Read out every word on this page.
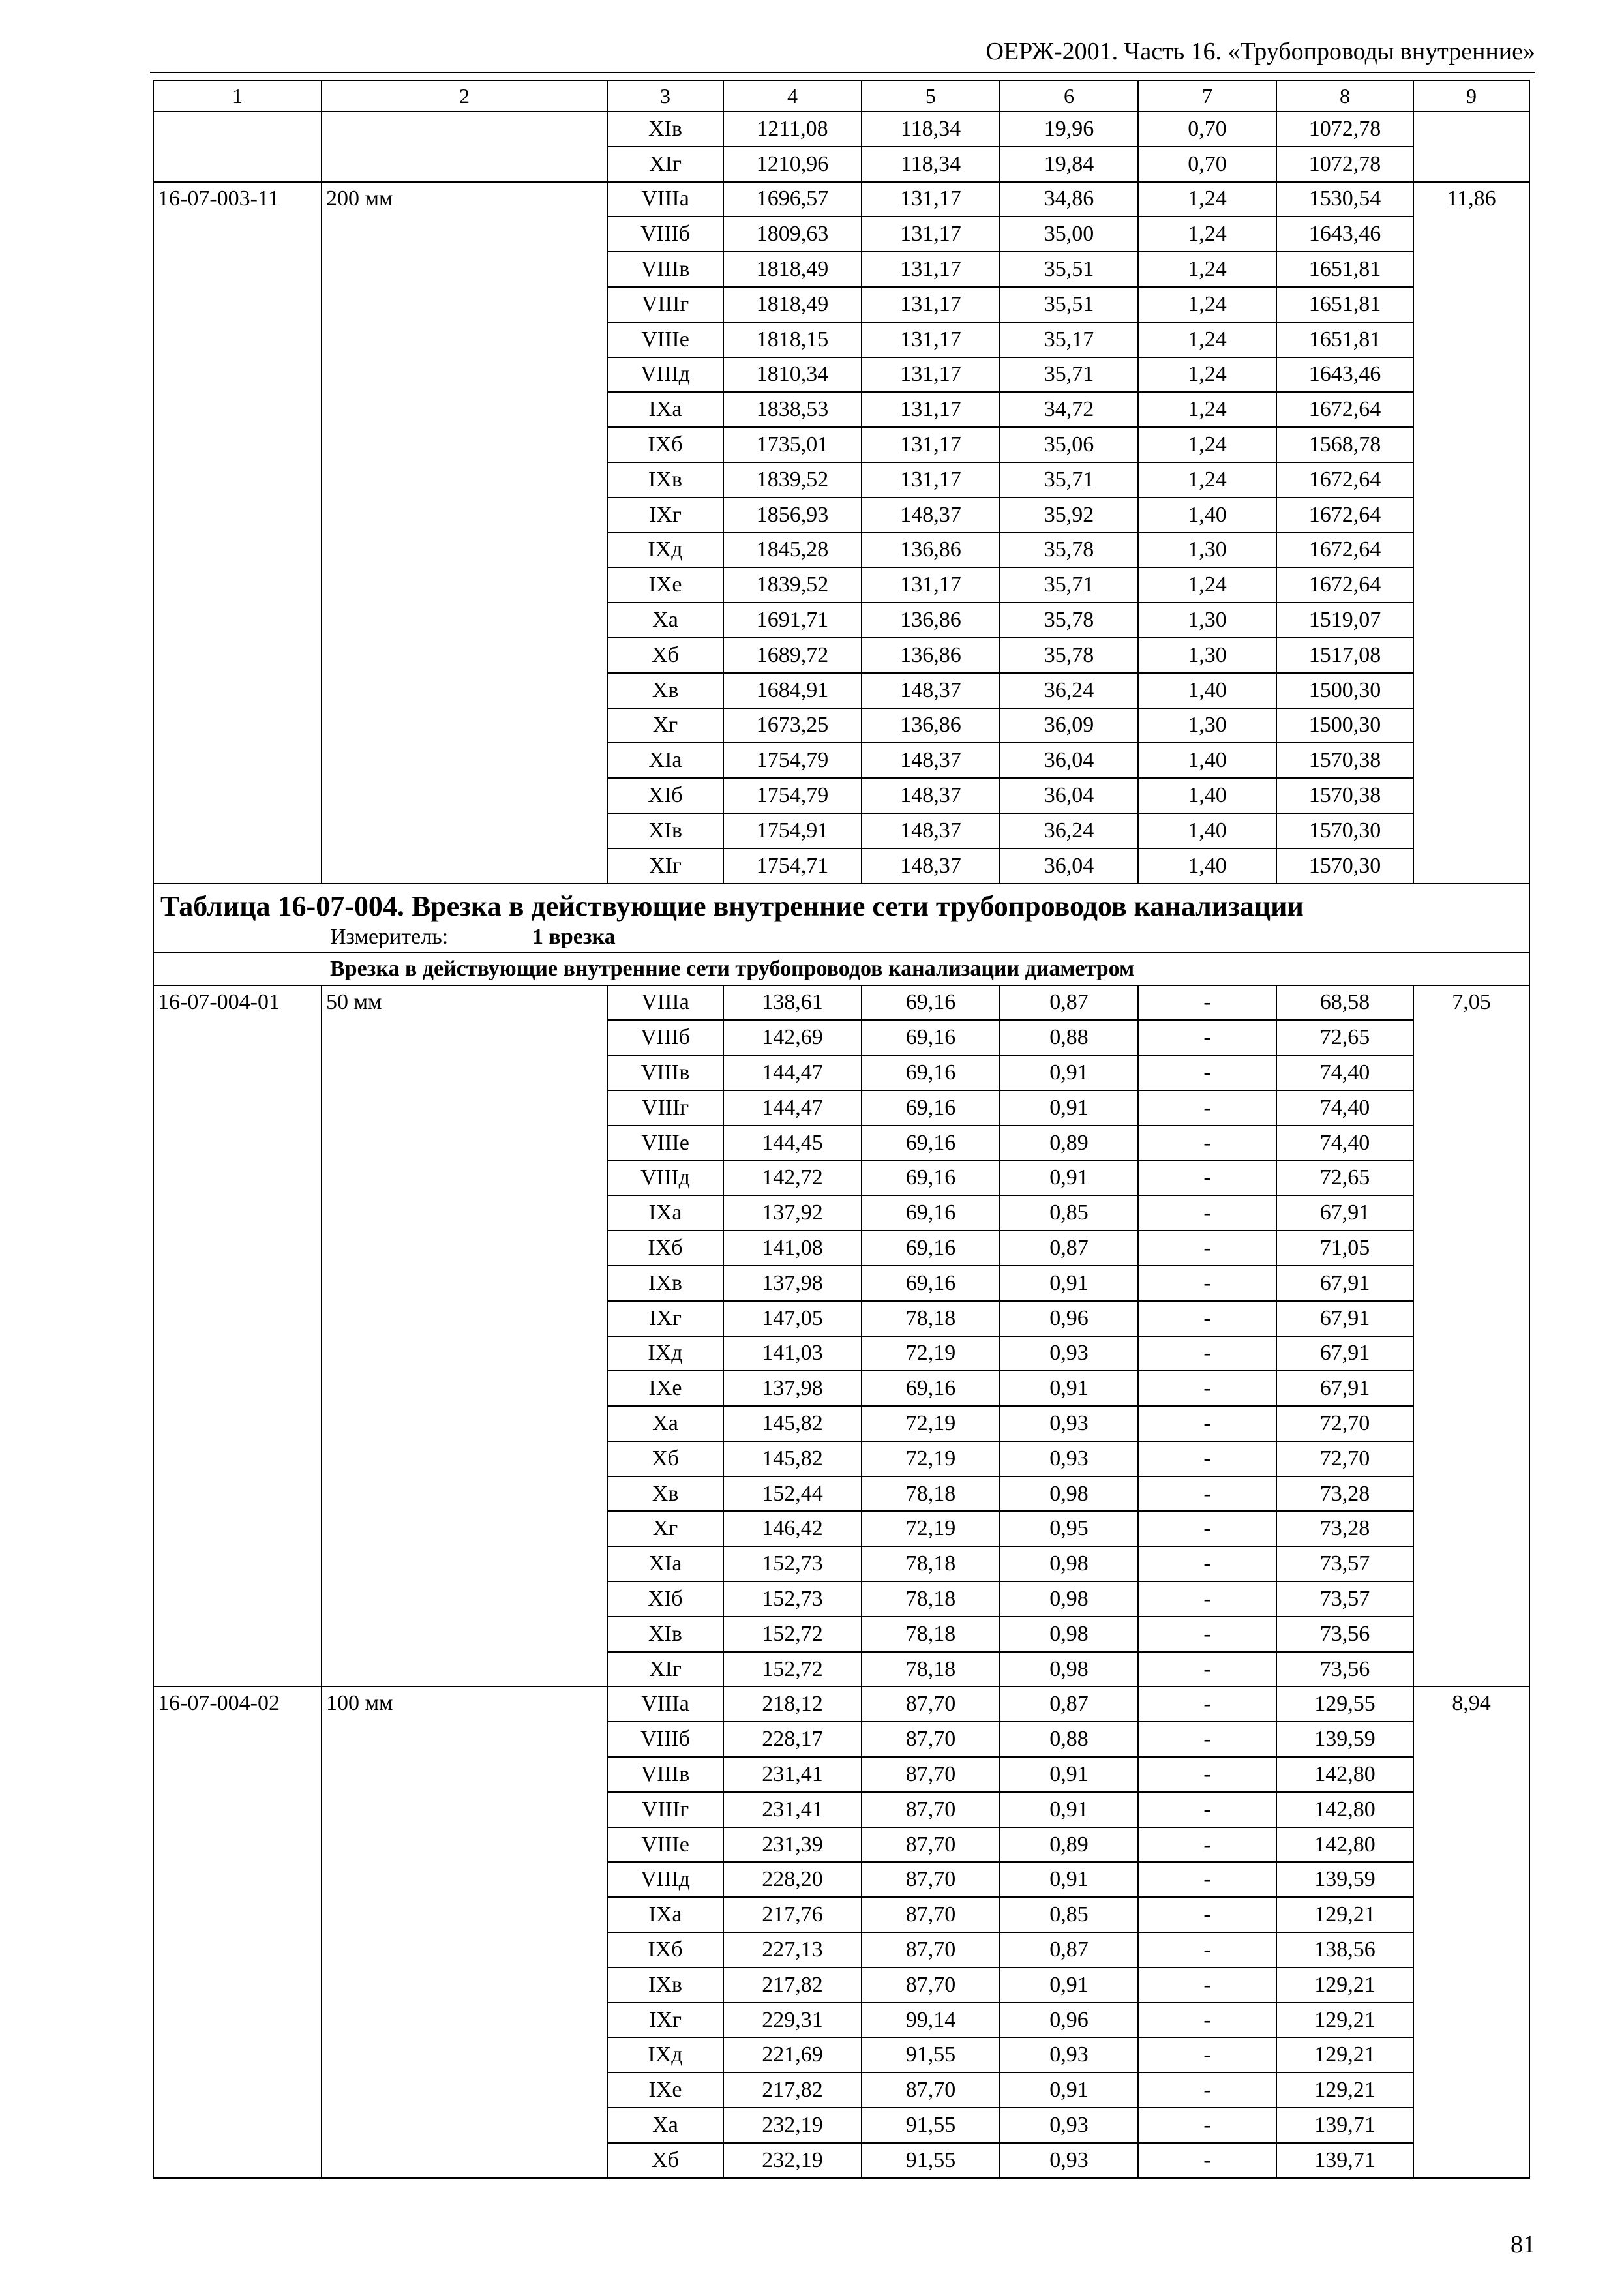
ОЕРЖ-2001. Часть 16. «Трубопроводы внутренние»
1	2	3	4	5	6	7	8	9
		XIв	1211,08	118,34	19,96	0,70	1072,78	
		XIг	1210,96	118,34	19,84	0,70	1072,78	
16-07-003-11	200 мм	VIIIа	1696,57	131,17	34,86	1,24	1530,54	11,86
		VIIIб	1809,63	131,17	35,00	1,24	1643,46	
		VIIIв	1818,49	131,17	35,51	1,24	1651,81	
		VIIIг	1818,49	131,17	35,51	1,24	1651,81	
		VIIIе	1818,15	131,17	35,17	1,24	1651,81	
		VIIIд	1810,34	131,17	35,71	1,24	1643,46	
		IXа	1838,53	131,17	34,72	1,24	1672,64	
		IXб	1735,01	131,17	35,06	1,24	1568,78	
		IXв	1839,52	131,17	35,71	1,24	1672,64	
		IXг	1856,93	148,37	35,92	1,40	1672,64	
		IXд	1845,28	136,86	35,78	1,30	1672,64	
		IXе	1839,52	131,17	35,71	1,24	1672,64	
		Xа	1691,71	136,86	35,78	1,30	1519,07	
		Xб	1689,72	136,86	35,78	1,30	1517,08	
		Xв	1684,91	148,37	36,24	1,40	1500,30	
		Xг	1673,25	136,86	36,09	1,30	1500,30	
		XIа	1754,79	148,37	36,04	1,40	1570,38	
		XIб	1754,79	148,37	36,04	1,40	1570,38	
		XIв	1754,91	148,37	36,24	1,40	1570,30	
		XIг	1754,71	148,37	36,04	1,40	1570,30	

Таблица 16-07-004. Врезка в действующие внутренние сети трубопроводов канализации
Измеритель: 1 врезка								

Врезка в действующие внутренние сети трубопроводов канализации диаметром								
16-07-004-01	50 мм	VIIIа	138,61	69,16	0,87	-	68,58	7,05
		VIIIб	142,69	69,16	0,88	-	72,65	
		VIIIв	144,47	69,16	0,91	-	74,40	
		VIIIг	144,47	69,16	0,91	-	74,40	
		VIIIе	144,45	69,16	0,89	-	74,40	
		VIIIд	142,72	69,16	0,91	-	72,65	
		IXа	137,92	69,16	0,85	-	67,91	
		IXб	141,08	69,16	0,87	-	71,05	
		IXв	137,98	69,16	0,91	-	67,91	
		IXг	147,05	78,18	0,96	-	67,91	
		IXд	141,03	72,19	0,93	-	67,91	
		IXе	137,98	69,16	0,91	-	67,91	
		Xа	145,82	72,19	0,93	-	72,70	
		Xб	145,82	72,19	0,93	-	72,70	
		Xв	152,44	78,18	0,98	-	73,28	
		Xг	146,42	72,19	0,95	-	73,28	
		XIа	152,73	78,18	0,98	-	73,57	
		XIб	152,73	78,18	0,98	-	73,57	
		XIв	152,72	78,18	0,98	-	73,56	
		XIг	152,72	78,18	0,98	-	73,56	
16-07-004-02	100 мм	VIIIа	218,12	87,70	0,87	-	129,55	8,94
		VIIIб	228,17	87,70	0,88	-	139,59	
		VIIIв	231,41	87,70	0,91	-	142,80	
		VIIIг	231,41	87,70	0,91	-	142,80	
		VIIIе	231,39	87,70	0,89	-	142,80	
		VIIIд	228,20	87,70	0,91	-	139,59	
		IXа	217,76	87,70	0,85	-	129,21	
		IXб	227,13	87,70	0,87	-	138,56	
		IXв	217,82	87,70	0,91	-	129,21	
		IXг	229,31	99,14	0,96	-	129,21	
		IXд	221,69	91,55	0,93	-	129,21	
		IXе	217,82	87,70	0,91	-	129,21	
		Xа	232,19	91,55	0,93	-	139,71	
		Xб	232,19	91,55	0,93	-	139,71	
81
